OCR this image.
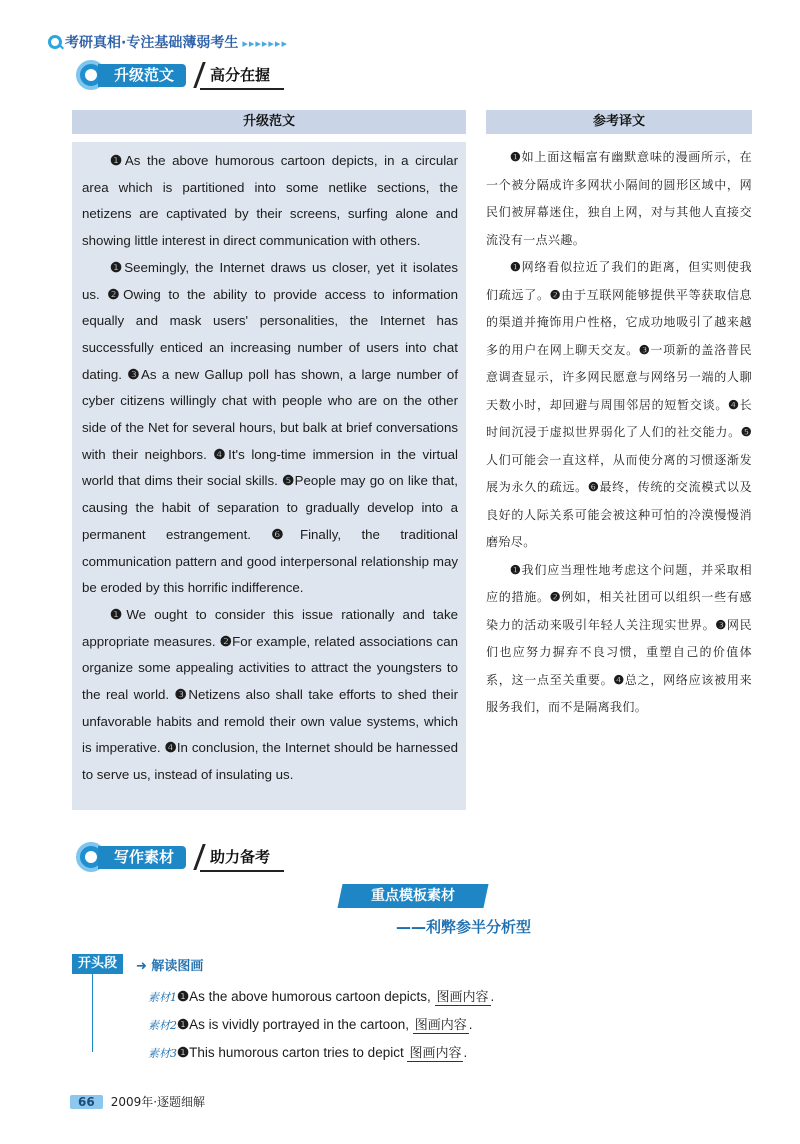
考研真相·专注基础薄弱考生 ▸▸▸▸▸▸▸
升级范文	高分在握
升级范文	参考译文

❶As the above humorous cartoon depicts, in a circular area which is partitioned into some netlike sections, the netizens are captivated by their screens, surfing alone and showing little interest in direct communication with others.

❶Seemingly, the Internet draws us closer, yet it isolates us. ❷Owing to the ability to provide access to information equally and mask users' personalities, the Internet has successfully enticed an increasing number of users into chat dating. ❸As a new Gallup poll has shown, a large number of cyber citizens willingly chat with people who are on the other side of the Net for several hours, but balk at brief conversations with their neighbors. ❹It's long-time immersion in the virtual world that dims their social skills. ❺People may go on like that, causing the habit of separation to gradually develop into a permanent estrangement. ❻Finally, the traditional communication pattern and good interpersonal relationship may be eroded by this horrific indifference.

❶We ought to consider this issue rationally and take appropriate measures. ❷For example, related associations can organize some appealing activities to attract the youngsters to the real world. ❸Netizens also shall take efforts to shed their unfavorable habits and remold their own value systems, which is imperative. ❹In conclusion, the Internet should be harnessed to serve us, instead of insulating us.

❶如上面这幅富有幽默意味的漫画所示，在一个被分隔成许多网状小隔间的圆形区域中，网民们被屏幕迷住，独自上网，对与其他人直接交流没有一点兴趣。

❶网络看似拉近了我们的距离，但实则使我们疏远了。❷由于互联网能够提供平等获取信息的渠道并掩饰用户性格，它成功地吸引了越来越多的用户在网上聊天交友。❸一项新的盖洛普民意调查显示，许多网民愿意与网络另一端的人聊天数小时，却回避与周围邻居的短暂交谈。❹长时间沉浸于虚拟世界弱化了人们的社交能力。❺人们可能会一直这样，从而使分离的习惯逐渐发展为永久的疏远。❻最终，传统的交流模式以及良好的人际关系可能会被这种可怕的冷漠慢慢消磨殆尽。

❶我们应当理性地考虑这个问题，并采取相应的措施。❷例如，相关社团可以组织一些有感染力的活动来吸引年轻人关注现实世界。❸网民们也应努力摒弃不良习惯，重塑自己的价值体系，这一点至关重要。❹总之，网络应该被用来服务我们，而不是隔离我们。

写作素材	助力备考
重点模板素材
——利弊参半分析型
开头段	➜ 解读图画
素材1❶As the above humorous cartoon depicts, 图画内容 .
素材2❶As is vividly portrayed in the cartoon, 图画内容 .
素材3❶This humorous carton tries to depict 图画内容 .
66 2009年·逐题细解
